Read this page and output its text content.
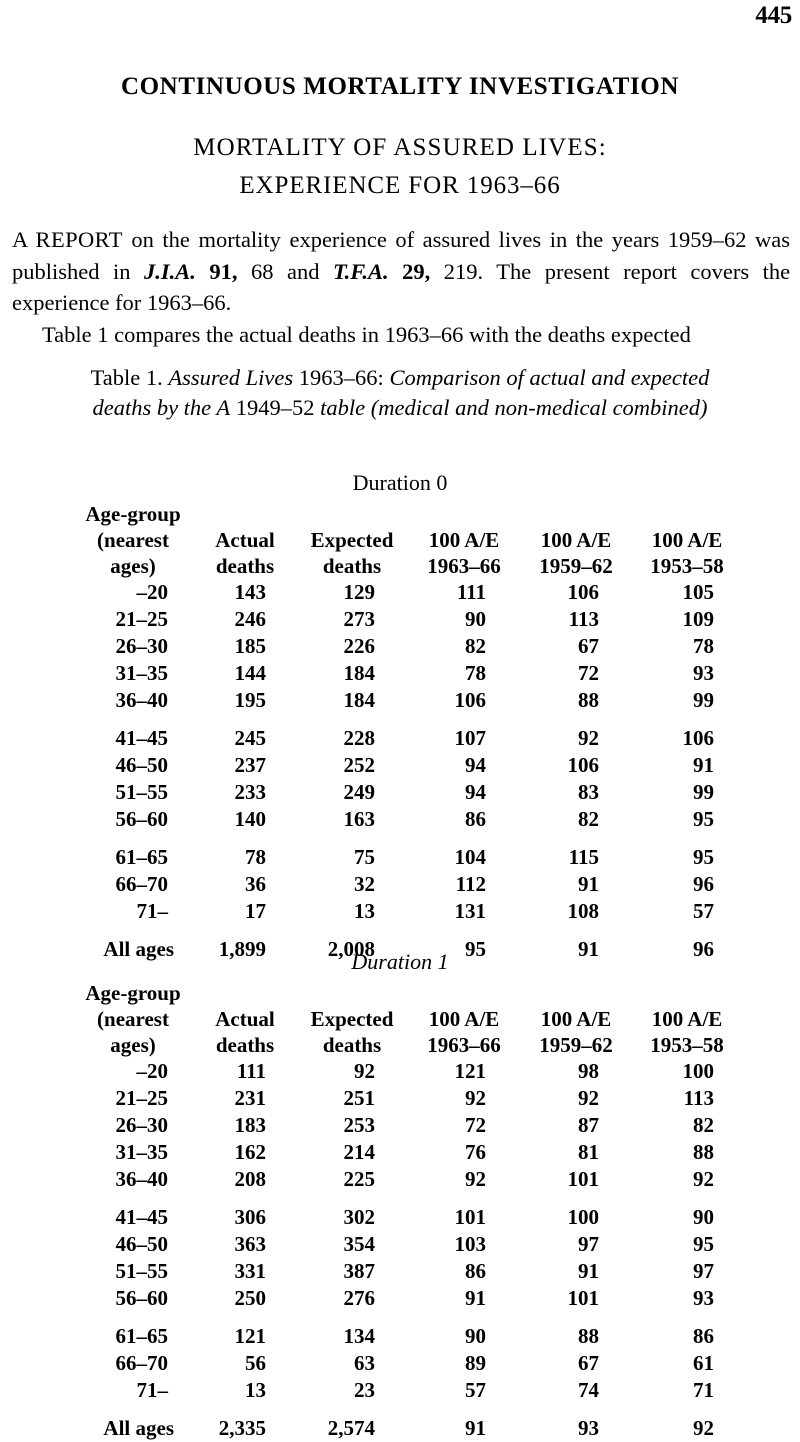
445
CONTINUOUS MORTALITY INVESTIGATION
MORTALITY OF ASSURED LIVES:
EXPERIENCE FOR 1963–66
A REPORT on the mortality experience of assured lives in the years 1959–62 was published in J.I.A. 91, 68 and T.F.A. 29, 219. The present report covers the experience for 1963–66.
Table 1 compares the actual deaths in 1963–66 with the deaths expected
Table 1. Assured Lives 1963–66: Comparison of actual and expected deaths by the A 1949–52 table (medical and non-medical combined)
Duration 0

Age-group
(nearest ages)

Actual
deaths

Expected
deaths

100 A/E
1963–66

100 A/E
1959–62

100 A/E
1953–58

	–20	143	129	111	106	105	
	21–25	246	273	90	113	109	
	26–30	185	226	82	67	78	
	31–35	144	184	78	72	93	
	36–40	195	184	106	88	99	
	41–45	245	228	107	92	106	
	46–50	237	252	94	106	91	
	51–55	233	249	94	83	99	
	56–60	140	163	86	82	95	
	61–65	78	75	104	115	95	
	66–70	36	32	112	91	96	
	71–	17	13	131	108	57	
	All ages	1,899	2,008	95	91	96	
Duration 1

Age-group
(nearest ages)

Actual
deaths

Expected
deaths

100 A/E
1963–66

100 A/E
1959–62

100 A/E
1953–58

	–20	111	92	121	98	100	
	21–25	231	251	92	92	113	
	26–30	183	253	72	87	82	
	31–35	162	214	76	81	88	
	36–40	208	225	92	101	92	
	41–45	306	302	101	100	90	
	46–50	363	354	103	97	95	
	51–55	331	387	86	91	97	
	56–60	250	276	91	101	93	
	61–65	121	134	90	88	86	
	66–70	56	63	89	67	61	
	71–	13	23	57	74	71	
	All ages	2,335	2,574	91	93	92	
